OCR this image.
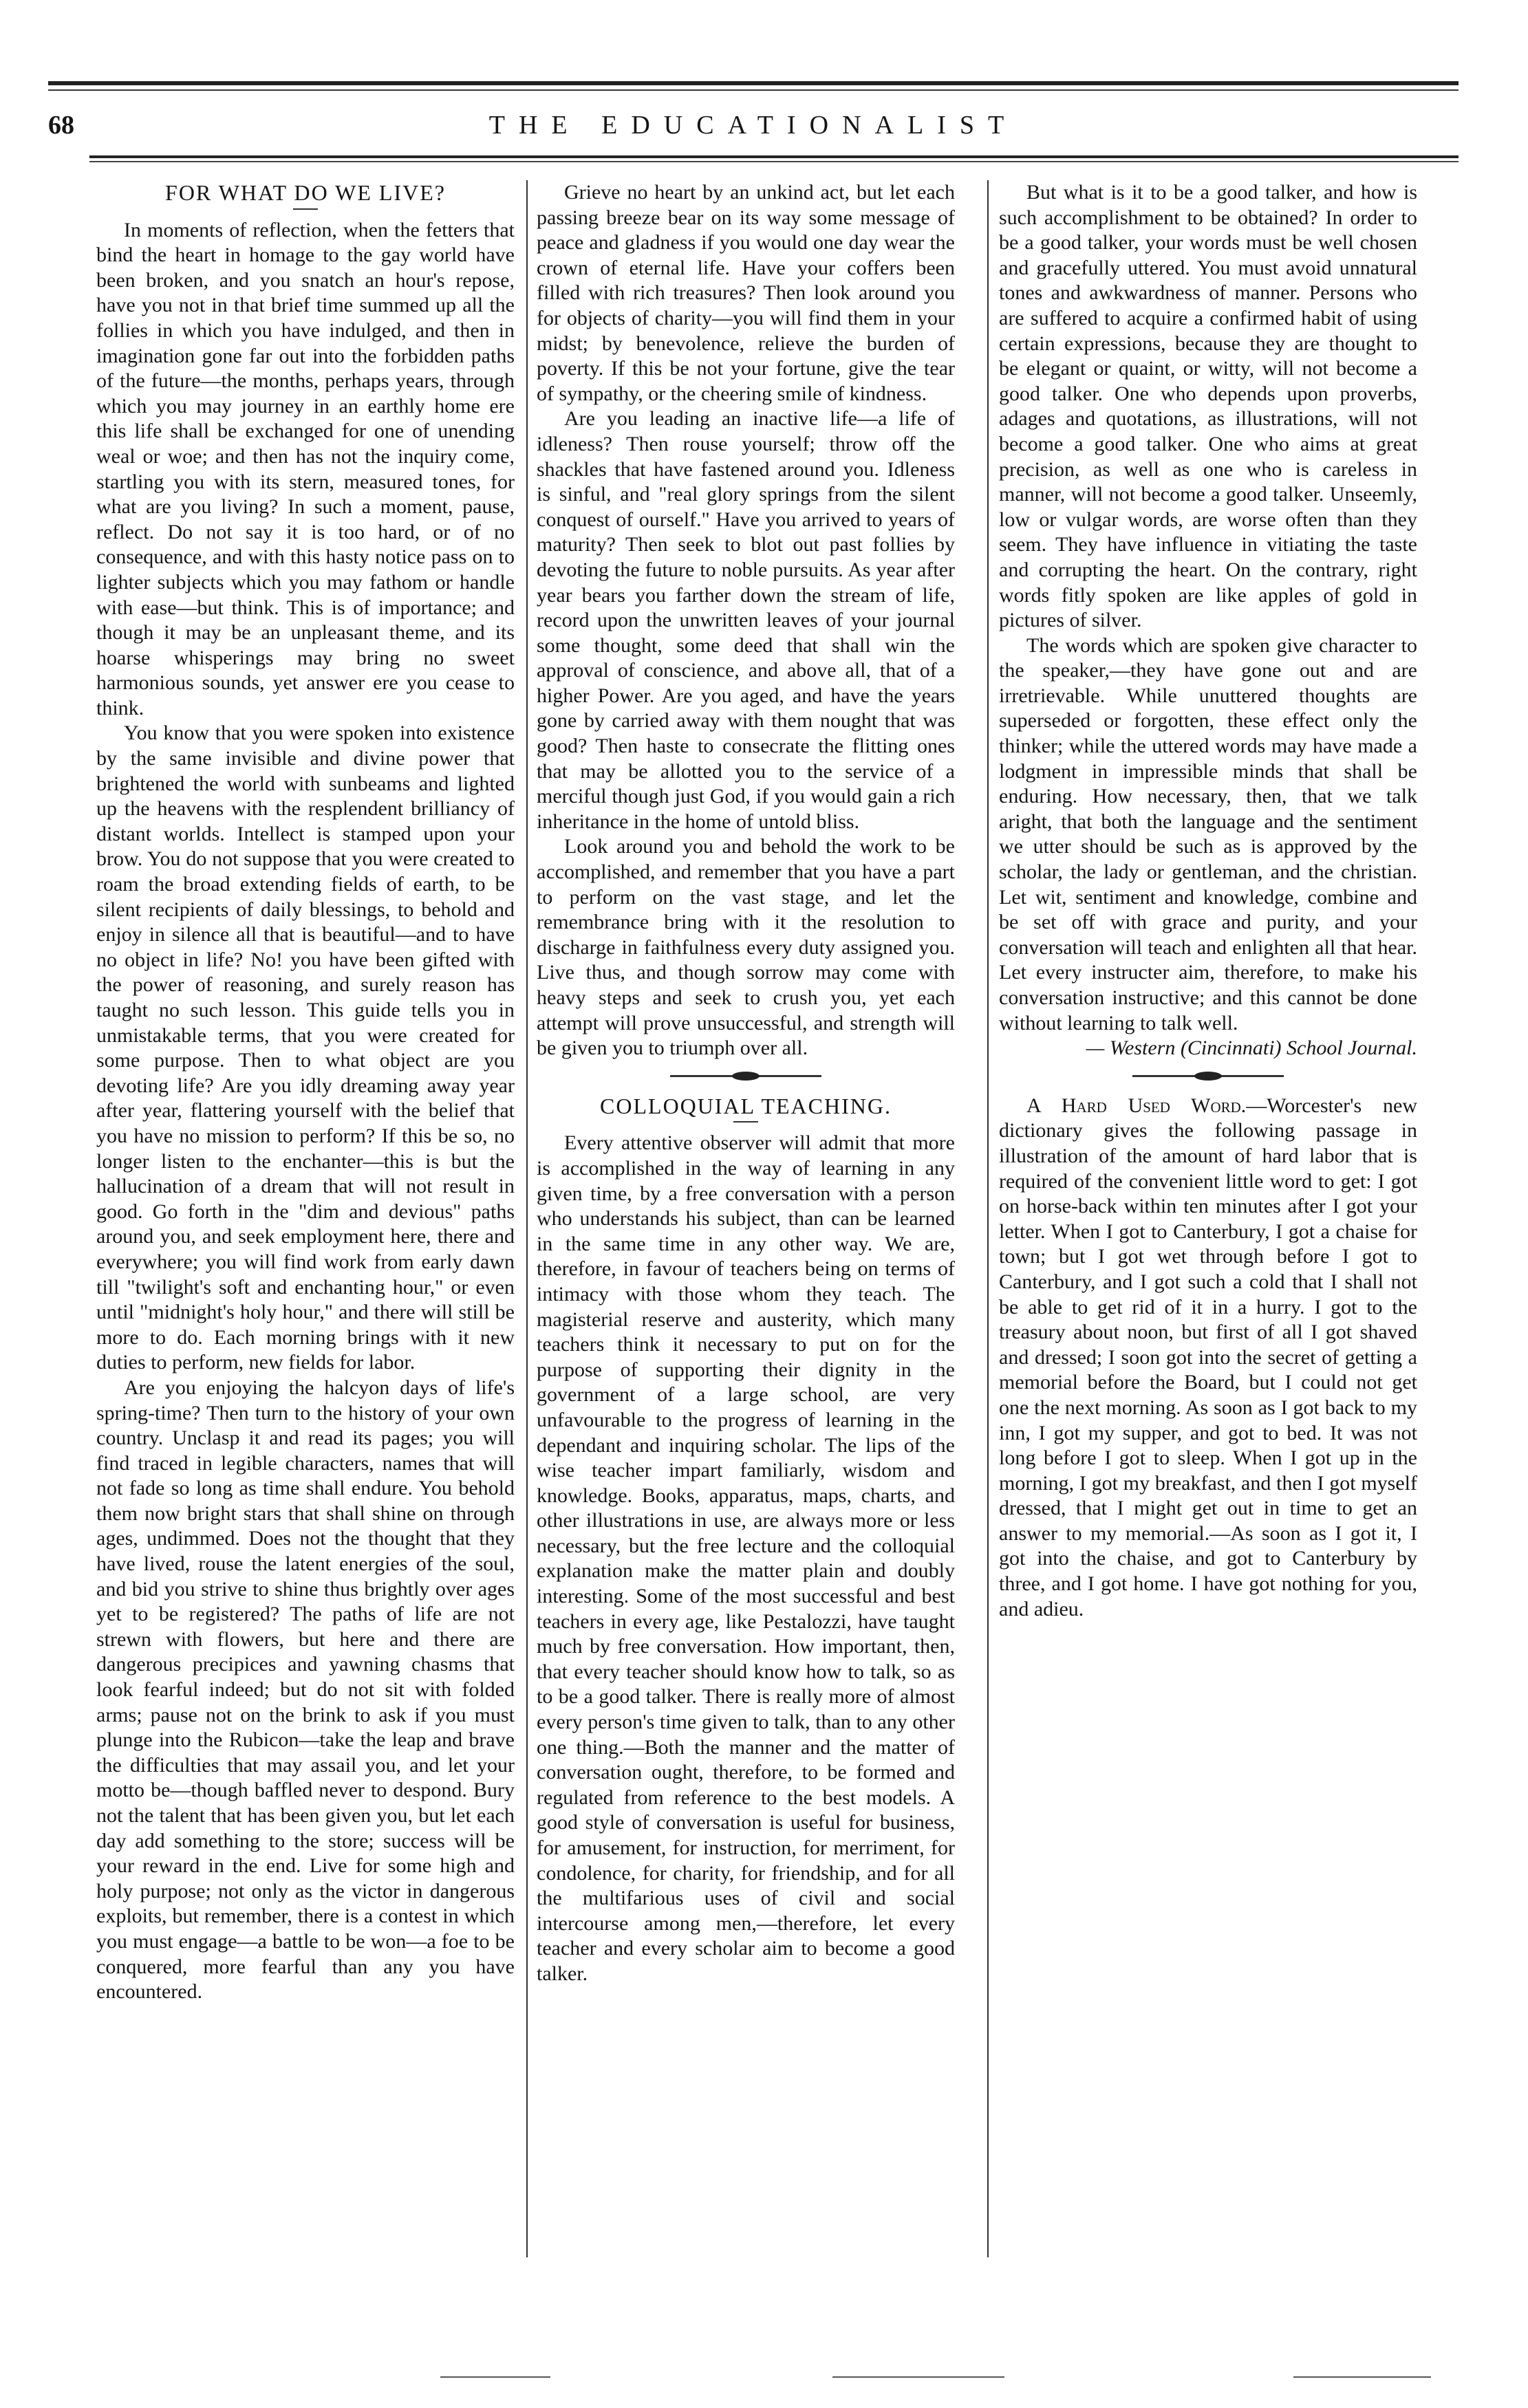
68	THE EDUCATIONALIST
FOR WHAT DO WE LIVE?

In moments of reflection, when the fetters that bind the heart in homage to the gay world have been broken, and you snatch an hour's repose, have you not in that brief time summed up all the follies in which you have indulged, and then in imagination gone far out into the forbidden paths of the future—the months, perhaps years, through which you may journey in an earthly home ere this life shall be exchanged for one of unending weal or woe; and then has not the inquiry come, startling you with its stern, measured tones, for what are you living? In such a moment, pause, reflect. Do not say it is too hard, or of no consequence, and with this hasty notice pass on to lighter subjects which you may fathom or handle with ease—but think. This is of importance; and though it may be an unpleasant theme, and its hoarse whisperings may bring no sweet harmonious sounds, yet answer ere you cease to think.

You know that you were spoken into existence by the same invisible and divine power that brightened the world with sunbeams and lighted up the heavens with the resplendent brilliancy of distant worlds. Intellect is stamped upon your brow. You do not suppose that you were created to roam the broad extending fields of earth, to be silent recipients of daily blessings, to behold and enjoy in silence all that is beautiful—and to have no object in life? No! you have been gifted with the power of reasoning, and surely reason has taught no such lesson. This guide tells you in unmistakable terms, that you were created for some purpose. Then to what object are you devoting life? Are you idly dreaming away year after year, flattering yourself with the belief that you have no mission to perform? If this be so, no longer listen to the enchanter—this is but the hallucination of a dream that will not result in good. Go forth in the "dim and devious" paths around you, and seek employment here, there and everywhere; you will find work from early dawn till "twilight's soft and enchanting hour," or even until "midnight's holy hour," and there will still be more to do. Each morning brings with it new duties to perform, new fields for labor.

Are you enjoying the halcyon days of life's spring-time? Then turn to the history of your own country. Unclasp it and read its pages; you will find traced in legible characters, names that will not fade so long as time shall endure. You behold them now bright stars that shall shine on through ages, undimmed. Does not the thought that they have lived, rouse the latent energies of the soul, and bid you strive to shine thus brightly over ages yet to be registered? The paths of life are not strewn with flowers, but here and there are dangerous precipices and yawning chasms that look fearful indeed; but do not sit with folded arms; pause not on the brink to ask if you must plunge into the Rubicon—take the leap and brave the difficulties that may assail you, and let your motto be—though baffled never to despond. Bury not the talent that has been given you, but let each day add something to the store; success will be your reward in the end. Live for some high and holy purpose; not only as the victor in dangerous exploits, but remember, there is a contest in which you must engage—a battle to be won—a foe to be conquered, more fearful than any you have encountered.

Grieve no heart by an unkind act, but let each passing breeze bear on its way some message of peace and gladness if you would one day wear the crown of eternal life. Have your coffers been filled with rich treasures? Then look around you for objects of charity—you will find them in your midst; by benevolence, relieve the burden of poverty. If this be not your fortune, give the tear of sympathy, or the cheering smile of kindness.

Are you leading an inactive life—a life of idleness? Then rouse yourself; throw off the shackles that have fastened around you. Idleness is sinful, and "real glory springs from the silent conquest of ourself." Have you arrived to years of maturity? Then seek to blot out past follies by devoting the future to noble pursuits. As year after year bears you farther down the stream of life, record upon the unwritten leaves of your journal some thought, some deed that shall win the approval of conscience, and above all, that of a higher Power. Are you aged, and have the years gone by carried away with them nought that was good? Then haste to consecrate the flitting ones that may be allotted you to the service of a merciful though just God, if you would gain a rich inheritance in the home of untold bliss.

Look around you and behold the work to be accomplished, and remember that you have a part to perform on the vast stage, and let the remembrance bring with it the resolution to discharge in faithfulness every duty assigned you. Live thus, and though sorrow may come with heavy steps and seek to crush you, yet each attempt will prove unsuccessful, and strength will be given you to triumph over all.

COLLOQUIAL TEACHING.

Every attentive observer will admit that more is accomplished in the way of learning in any given time, by a free conversation with a person who understands his subject, than can be learned in the same time in any other way. We are, therefore, in favour of teachers being on terms of intimacy with those whom they teach. The magisterial reserve and austerity, which many teachers think it necessary to put on for the purpose of supporting their dignity in the government of a large school, are very unfavourable to the progress of learning in the dependant and inquiring scholar. The lips of the wise teacher impart familiarly, wisdom and knowledge. Books, apparatus, maps, charts, and other illustrations in use, are always more or less necessary, but the free lecture and the colloquial explanation make the matter plain and doubly interesting. Some of the most successful and best teachers in every age, like Pestalozzi, have taught much by free conversation. How important, then, that every teacher should know how to talk, so as to be a good talker. There is really more of almost every person's time given to talk, than to any other one thing.—Both the manner and the matter of conversation ought, therefore, to be formed and regulated from reference to the best models. A good style of conversation is useful for business, for amusement, for instruction, for merriment, for condolence, for charity, for friendship, and for all the multifarious uses of civil and social intercourse among men,—therefore, let every teacher and every scholar aim to become a good talker.

But what is it to be a good talker, and how is such accomplishment to be obtained? In order to be a good talker, your words must be well chosen and gracefully uttered. You must avoid unnatural tones and awkwardness of manner. Persons who are suffered to acquire a confirmed habit of using certain expressions, because they are thought to be elegant or quaint, or witty, will not become a good talker. One who depends upon proverbs, adages and quotations, as illustrations, will not become a good talker. One who aims at great precision, as well as one who is careless in manner, will not become a good talker. Unseemly, low or vulgar words, are worse often than they seem. They have influence in vitiating the taste and corrupting the heart. On the contrary, right words fitly spoken are like apples of gold in pictures of silver.

The words which are spoken give character to the speaker,—they have gone out and are irretrievable. While unuttered thoughts are superseded or forgotten, these effect only the thinker; while the uttered words may have made a lodgment in impressible minds that shall be enduring. How necessary, then, that we talk aright, that both the language and the sentiment we utter should be such as is approved by the scholar, the lady or gentleman, and the christian. Let wit, sentiment and knowledge, combine and be set off with grace and purity, and your conversation will teach and enlighten all that hear. Let every instructer aim, therefore, to make his conversation instructive; and this cannot be done without learning to talk well.

— Western (Cincinnati) School Journal.

A Hard Used Word.—Worcester's new dictionary gives the following passage in illustration of the amount of hard labor that is required of the convenient little word to get: I got on horse-back within ten minutes after I got your letter. When I got to Canterbury, I got a chaise for town; but I got wet through before I got to Canterbury, and I got such a cold that I shall not be able to get rid of it in a hurry. I got to the treasury about noon, but first of all I got shaved and dressed; I soon got into the secret of getting a memorial before the Board, but I could not get one the next morning. As soon as I got back to my inn, I got my supper, and got to bed. It was not long before I got to sleep. When I got up in the morning, I got my breakfast, and then I got myself dressed, that I might get out in time to get an answer to my memorial.—As soon as I got it, I got into the chaise, and got to Canterbury by three, and I got home. I have got nothing for you, and adieu.
